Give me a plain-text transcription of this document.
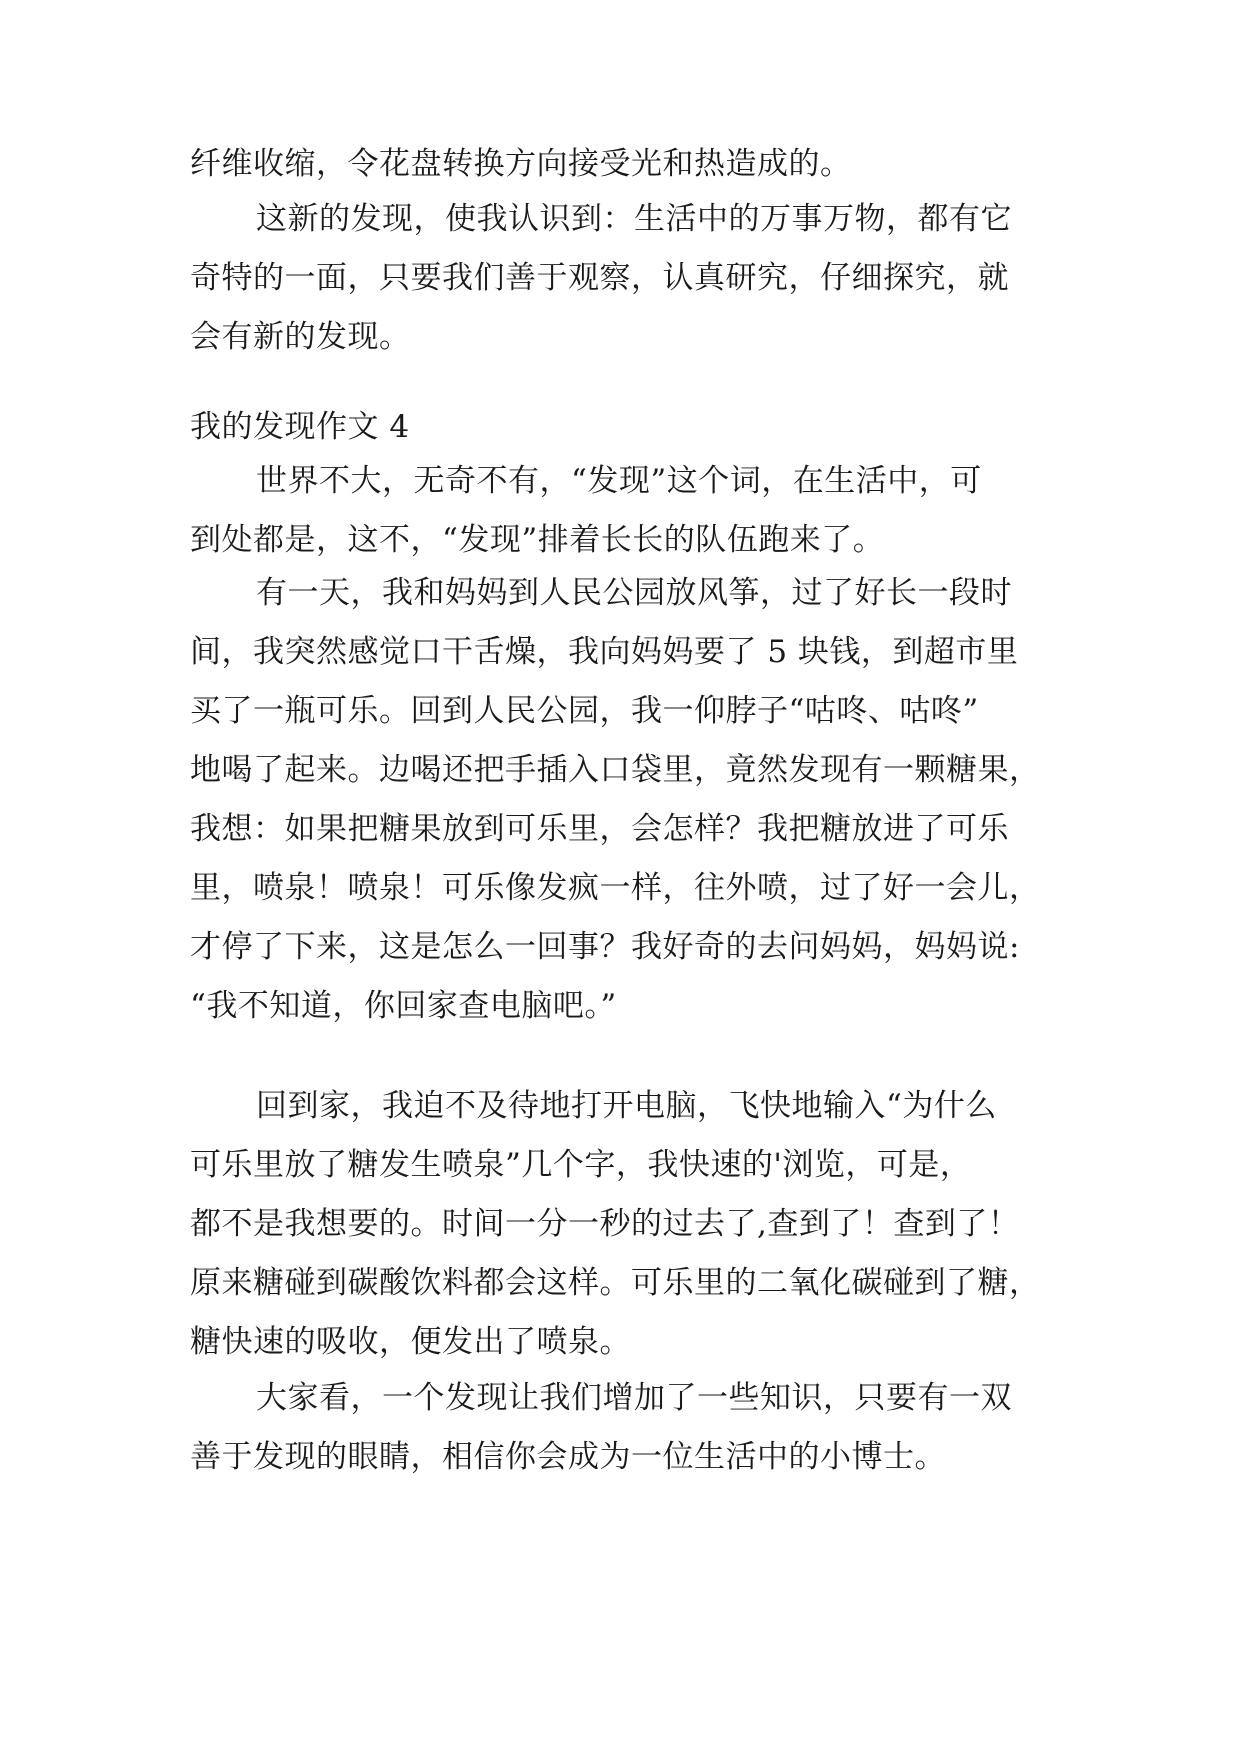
纤维收缩，令花盘转换方向接受光和热造成的。

这新的发现，使我认识到：生活中的万事万物，都有它
奇特的一面，只要我们善于观察，认真研究，仔细探究，就
会有新的发现。

我的发现作文 4

世界不大，无奇不有，“发现”这个词，在生活中，可
到处都是，这不，“发现”排着长长的队伍跑来了。

有一天，我和妈妈到人民公园放风筝，过了好长一段时
间，我突然感觉口干舌燥，我向妈妈要了 5 块钱，到超市里
买了一瓶可乐。回到人民公园，我一仰脖子“咕咚、咕咚”
地喝了起来。边喝还把手插入口袋里，竟然发现有一颗糖果，
我想：如果把糖果放到可乐里，会怎样？我把糖放进了可乐
里，喷泉！喷泉！可乐像发疯一样，往外喷，过了好一会儿，
才停了下来，这是怎么一回事？我好奇的去问妈妈，妈妈说:
“我不知道，你回家查电脑吧。”

回到家，我迫不及待地打开电脑，飞快地输入“为什么
可乐里放了糖发生喷泉”几个字，我快速的'浏览，可是，
都不是我想要的。时间一分一秒的过去了,查到了！查到了！
原来糖碰到碳酸饮料都会这样。可乐里的二氧化碳碰到了糖，
糖快速的吸收，便发出了喷泉。

大家看，一个发现让我们增加了一些知识，只要有一双
善于发现的眼睛，相信你会成为一位生活中的小博士。
